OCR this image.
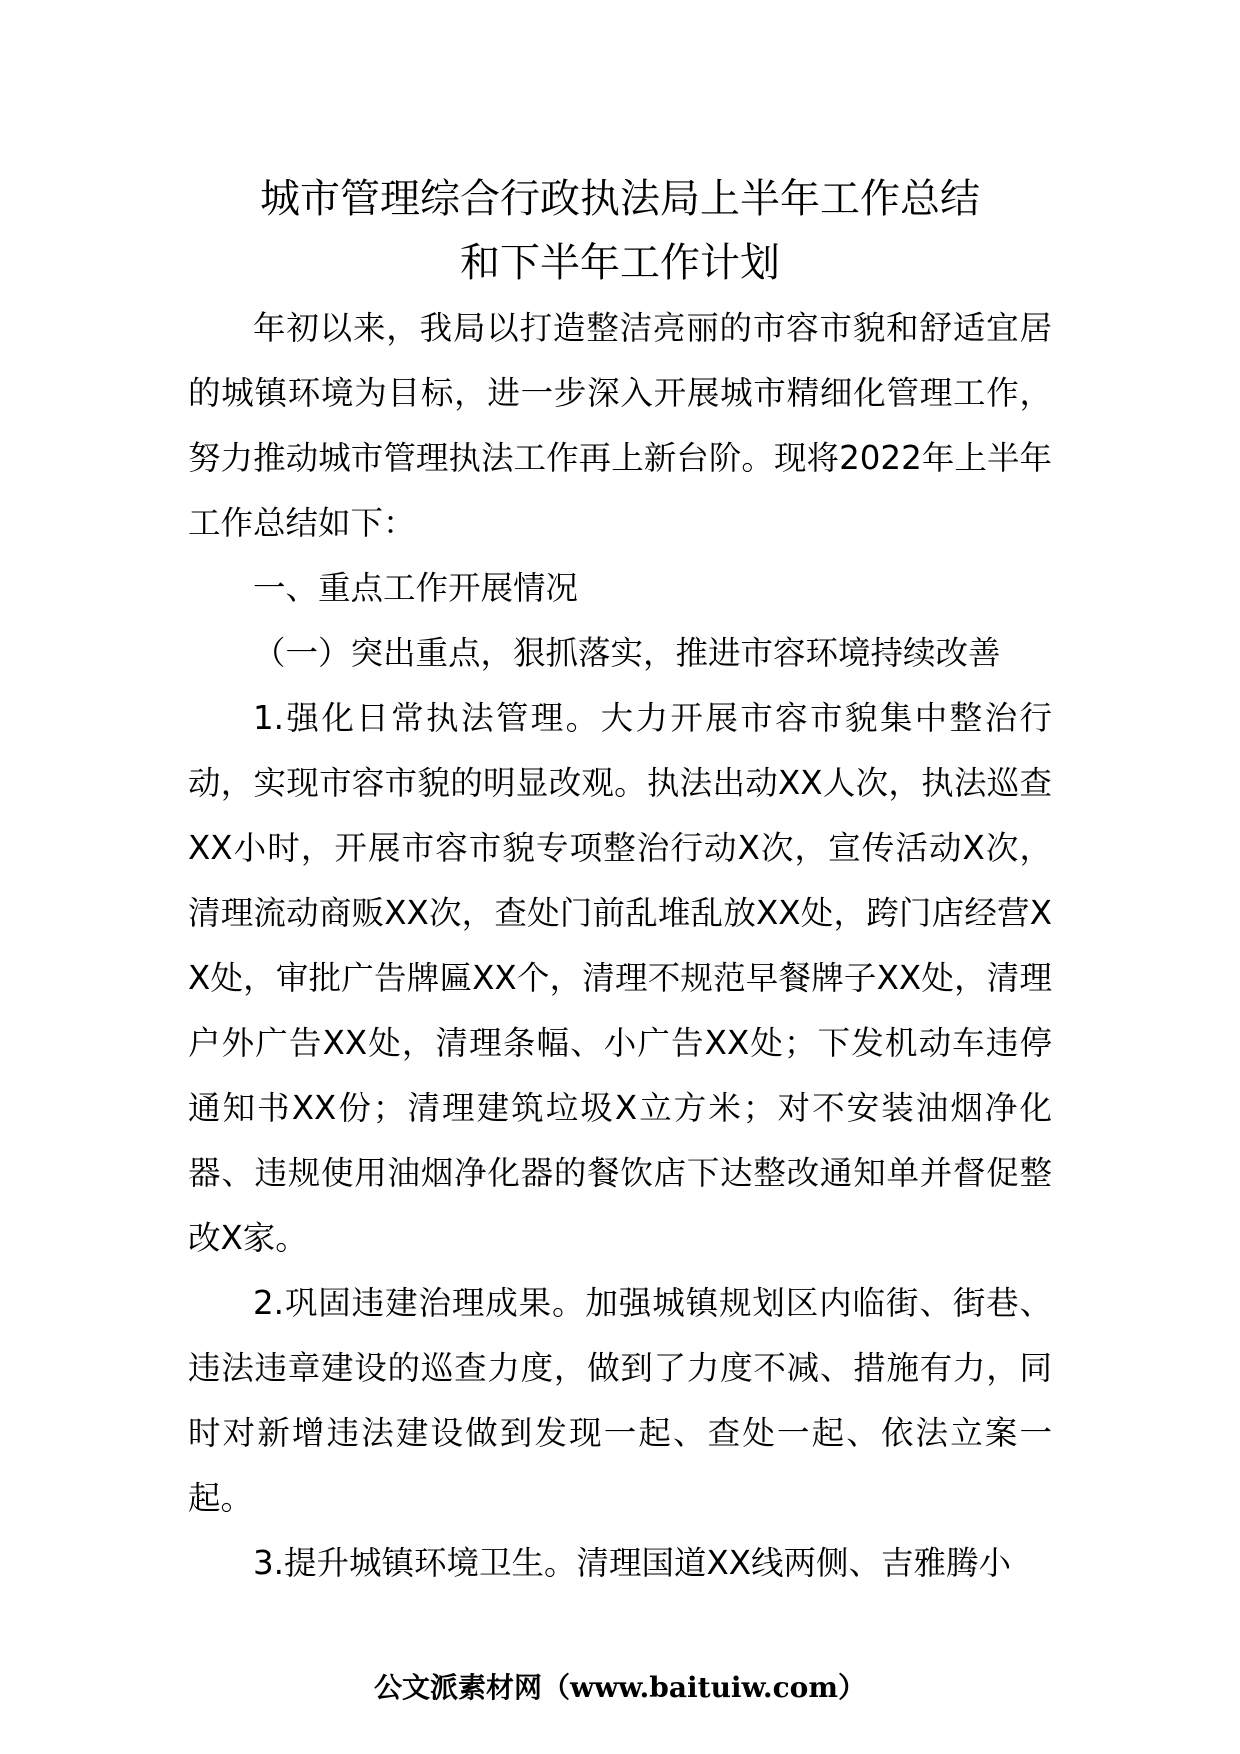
城市管理综合行政执法局上半年工作总结
和下半年工作计划

年初以来，我局以打造整洁亮丽的市容市貌和舒适宜居的城镇环境为目标，进一步深入开展城市精细化管理工作，努力推动城市管理执法工作再上新台阶。现将2022年上半年工作总结如下：

一、重点工作开展情况

（一）突出重点，狠抓落实，推进市容环境持续改善

1.强化日常执法管理。大力开展市容市貌集中整治行动，实现市容市貌的明显改观。执法出动XX人次，执法巡查XX小时，开展市容市貌专项整治行动X次，宣传活动X次，清理流动商贩XX次，查处门前乱堆乱放XX处，跨门店经营XX处，审批广告牌匾XX个，清理不规范早餐牌子XX处，清理户外广告XX处，清理条幅、小广告XX处；下发机动车违停通知书XX份；清理建筑垃圾X立方米；对不安装油烟净化器、违规使用油烟净化器的餐饮店下达整改通知单并督促整改X家。

2.巩固违建治理成果。加强城镇规划区内临街、街巷、违法违章建设的巡查力度，做到了力度不减、措施有力，同时对新增违法建设做到发现一起、查处一起、依法立案一起。

3.提升城镇环境卫生。清理国道XX线两侧、吉雅腾小

公文派素材网（www.baituiw.com）
